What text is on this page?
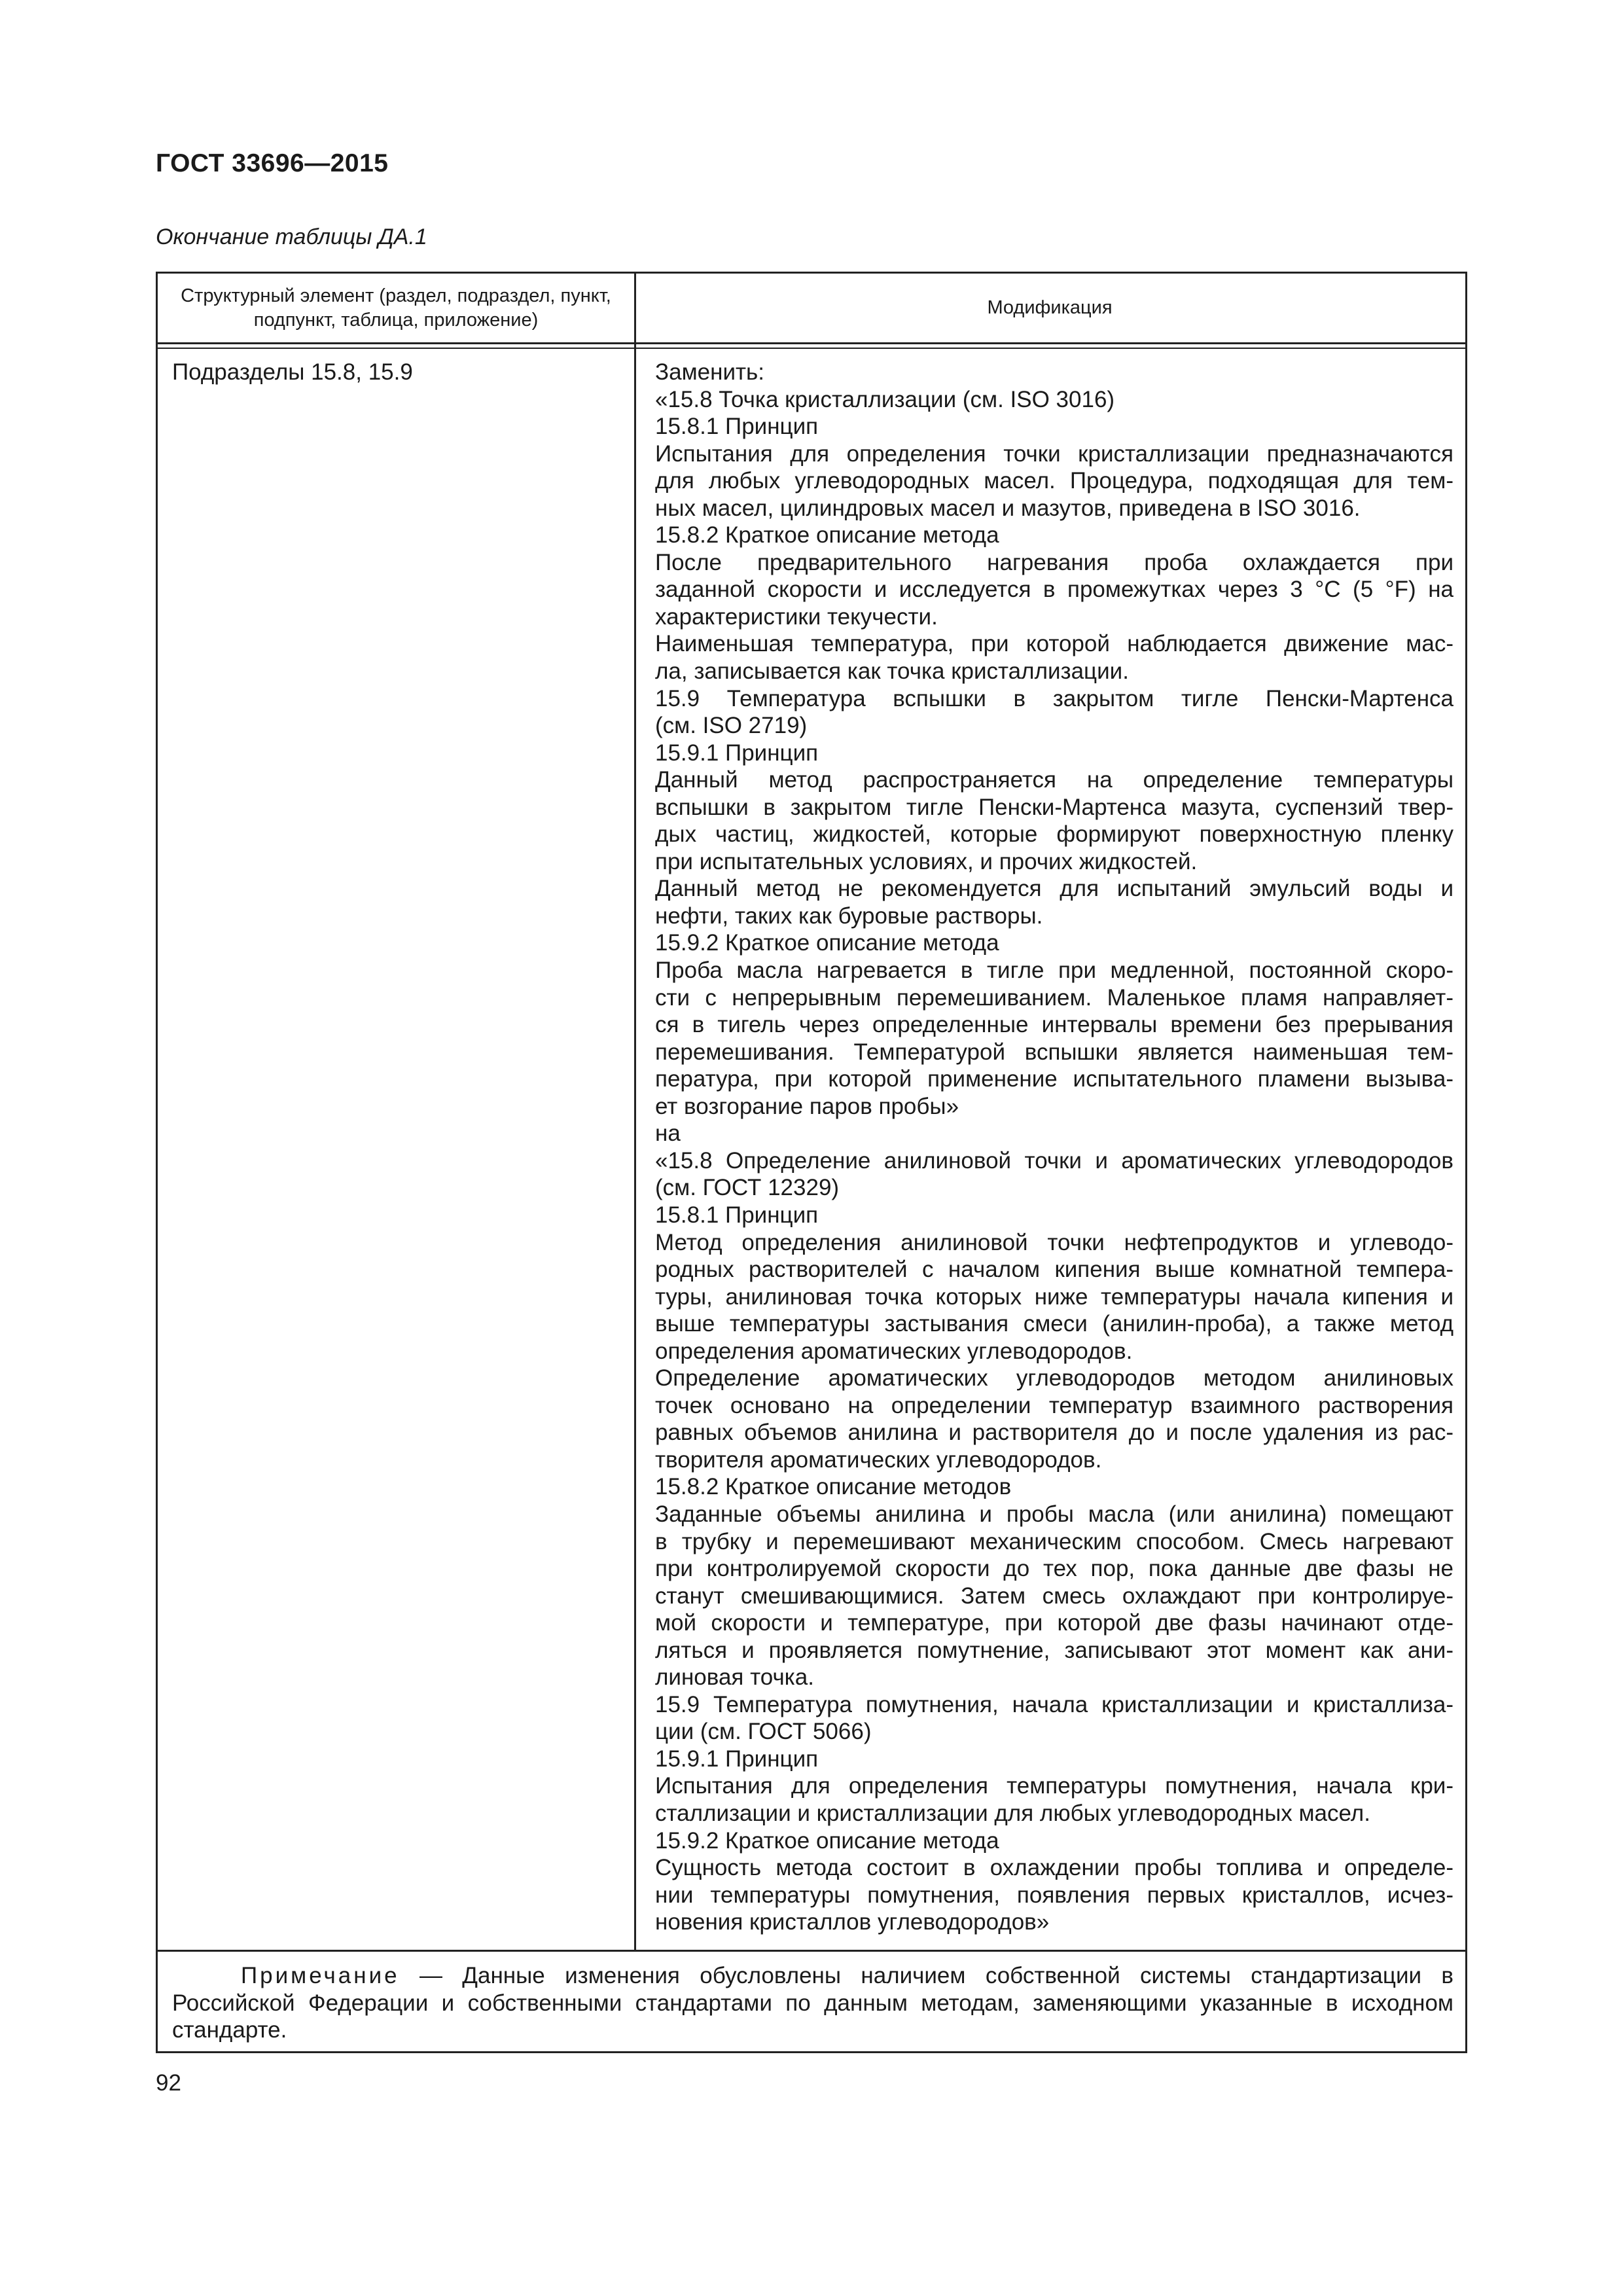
ГОСТ 33696—2015
Окончание таблицы ДА.1
Структурный элемент (раздел, подраздел, пункт, подпункт, таблица, приложение)
Модификация
Подразделы 15.8, 15.9	Заменить:
«15.8 Точка кристаллизации (см. ISO 3016)
15.8.1 Принцип
Испытания для определения точки кристаллизации предназначаются
для любых углеводородных масел. Процедура, подходящая для тем-
ных масел, цилиндровых масел и мазутов, приведена в ISO 3016.
15.8.2 Краткое описание метода
После предварительного нагревания проба охлаждается при
заданной скорости и исследуется в промежутках через 3 °С (5 °F) на
характеристики текучести.
Наименьшая температура, при которой наблюдается движение мас-
ла, записывается как точка кристаллизации.
15.9 Температура вспышки в закрытом тигле Пенски-Мартенса
(см. ISO 2719)
15.9.1 Принцип
Данный метод распространяется на определение температуры
вспышки в закрытом тигле Пенски-Мартенса мазута, суспензий твер-
дых частиц, жидкостей, которые формируют поверхностную пленку
при испытательных условиях, и прочих жидкостей.
Данный метод не рекомендуется для испытаний эмульсий воды и
нефти, таких как буровые растворы.
15.9.2 Краткое описание метода
Проба масла нагревается в тигле при медленной, постоянной скоро-
сти с непрерывным перемешиванием. Маленькое пламя направляет-
ся в тигель через определенные интервалы времени без прерывания
перемешивания. Температурой вспышки является наименьшая тем-
пература, при которой применение испытательного пламени вызыва-
ет возгорание паров пробы»
на
«15.8 Определение анилиновой точки и ароматических углеводородов
(см. ГОСТ 12329)
15.8.1 Принцип
Метод определения анилиновой точки нефтепродуктов и углеводо-
родных растворителей с началом кипения выше комнатной темпера-
туры, анилиновая точка которых ниже температуры начала кипения и
выше температуры застывания смеси (анилин-проба), а также метод
определения ароматических углеводородов.
Определение ароматических углеводородов методом анилиновых
точек основано на определении температур взаимного растворения
равных объемов анилина и растворителя до и после удаления из рас-
творителя ароматических углеводородов.
15.8.2 Краткое описание методов
Заданные объемы анилина и пробы масла (или анилина) помещают
в трубку и перемешивают механическим способом. Смесь нагревают
при контролируемой скорости до тех пор, пока данные две фазы не
станут смешивающимися. Затем смесь охлаждают при контролируе-
мой скорости и температуре, при которой две фазы начинают отде-
ляться и проявляется помутнение, записывают этот момент как ани-
линовая точка.
15.9 Температура помутнения, начала кристаллизации и кристаллиза-
ции (см. ГОСТ 5066)
15.9.1 Принцип
Испытания для определения температуры помутнения, начала кри-
сталлизации и кристаллизации для любых углеводородных масел.
15.9.2 Краткое описание метода
Сущность метода состоит в охлаждении пробы топлива и определе-
нии температуры помутнения, появления первых кристаллов, исчез-
новения кристаллов углеводородов»
   Примечание — Данные изменения обусловлены наличием собственной системы стандартизации в
Российской Федерации и собственными стандартами по данным методам, заменяющими указанные в исходном
стандарте.
92
